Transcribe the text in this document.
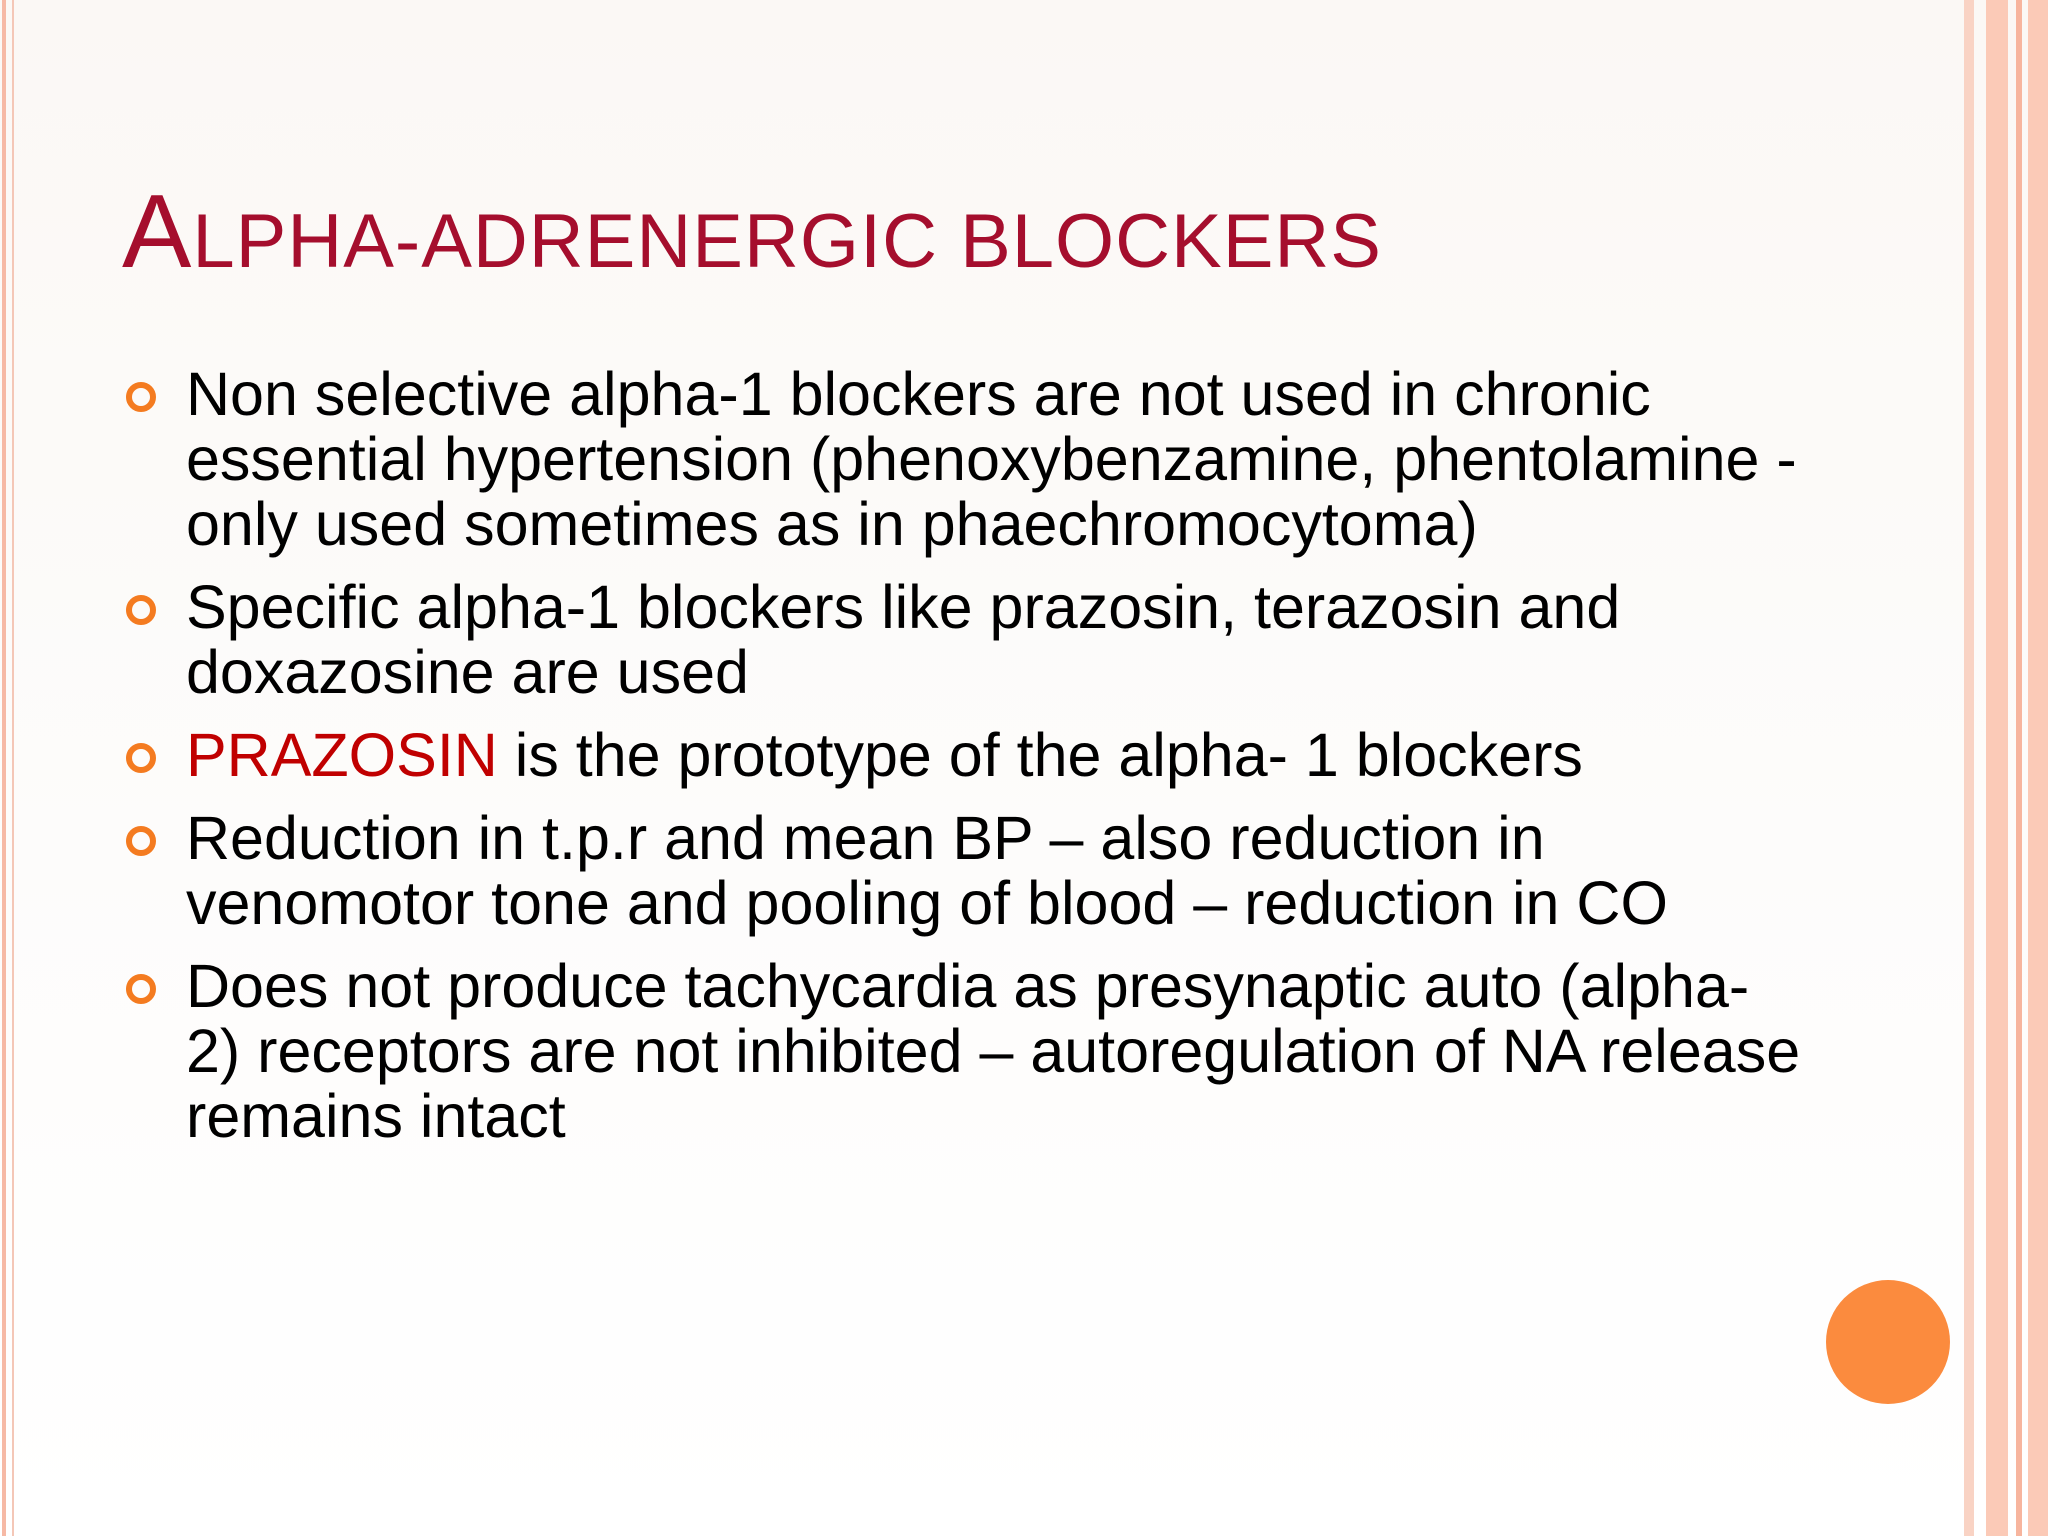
ALPHA-ADRENERGIC BLOCKERS
Non selective alpha-1 blockers are not used in chronic essential hypertension (phenoxybenzamine, phentolamine - only used sometimes as in phaechromocytoma)
Specific alpha-1 blockers like prazosin, terazosin and doxazosine are used
PRAZOSIN is the prototype of the alpha- 1 blockers
Reduction in t.p.r and mean BP – also reduction in venomotor tone and pooling of blood – reduction in CO
Does not produce tachycardia as presynaptic auto (alpha-2) receptors are not inhibited – autoregulation of NA release remains intact
